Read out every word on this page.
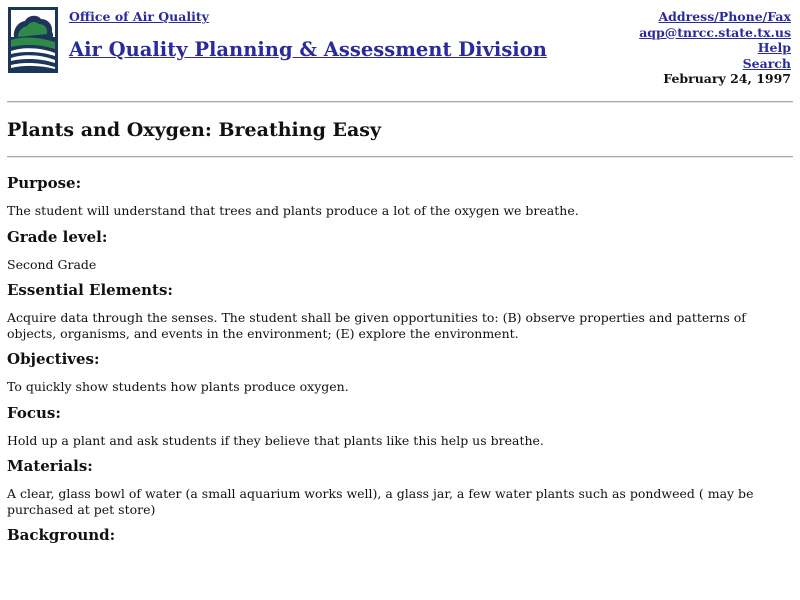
Office of Air Quality
Air Quality Planning & Assessment Division
Address/Phone/Fax
aqp@tnrcc.state.tx.us
Help
Search
February 24, 1997
Plants and Oxygen: Breathing Easy
Purpose:

The student will understand that trees and plants produce a lot of the oxygen we breathe.

Grade level:

Second Grade

Essential Elements:

Acquire data through the senses. The student shall be given opportunities to: (B) observe properties and patterns of objects, organisms, and events in the environment; (E) explore the environment.

Objectives:

To quickly show students how plants produce oxygen.

Focus:

Hold up a plant and ask students if they believe that plants like this help us breathe.

Materials:

A clear, glass bowl of water (a small aquarium works well), a glass jar, a few water plants such as pondweed ( may be purchased at pet store)

Background:
